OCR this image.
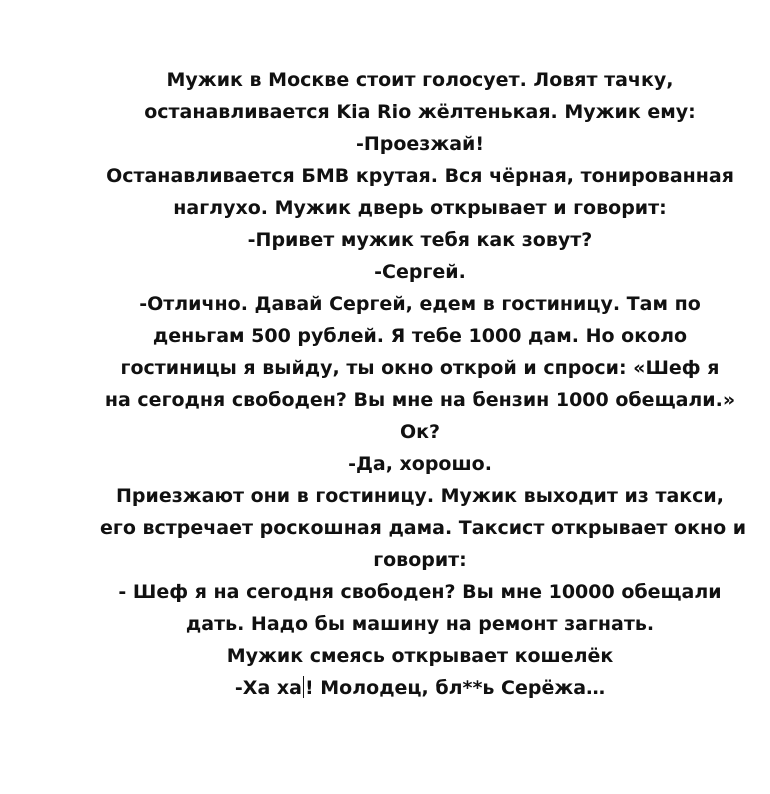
Мужик в Москве стоит голосует. Ловят тачку,
останавливается Kia Rio жёлтенькая. Мужик ему:
-Проезжай!
Останавливается БМВ крутая. Вся чёрная, тонированная
наглухо. Мужик дверь открывает и говорит:
-Привет мужик тебя как зовут?
-Сергей.
-Отлично. Давай Сергей, едем в гостиницу. Там по
деньгам 500 рублей. Я тебе 1000 дам. Но около
гостиницы я выйду, ты окно открой и спроси: «Шеф я
на сегодня свободен? Вы мне на бензин 1000 обещали.»
Ок?
-Да, хорошо.
Приезжают они в гостиницу. Мужик выходит из такси,
его встречает роскошная дама. Таксист открывает окно и
говорит:
- Шеф я на сегодня свободен? Вы мне 10000 обещали
дать. Надо бы машину на ремонт загнать.
Мужик смеясь открывает кошелёк
-Ха ха ! Молодец, бл**ь Серёжа…
